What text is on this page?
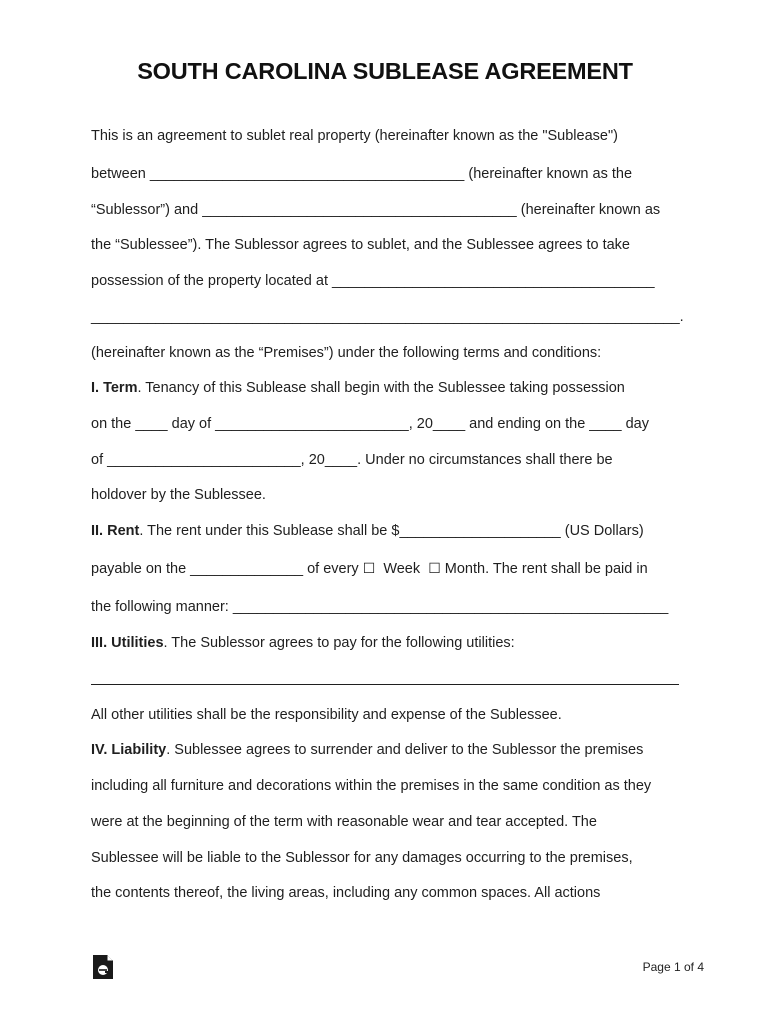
SOUTH CAROLINA SUBLEASE AGREEMENT
This is an agreement to sublet real property (hereinafter known as the "Sublease")
between _______________________________________ (hereinafter known as the
“Sublessor”) and _______________________________________ (hereinafter known as
the “Sublessee”). The Sublessor agrees to sublet, and the Sublessee agrees to take
possession of the property located at ________________________________________
_________________________________________________________________________.
(hereinafter known as the “Premises”) under the following terms and conditions:
I. Term. Tenancy of this Sublease shall begin with the Sublessee taking possession
on the ____ day of ________________________, 20____ and ending on the ____ day
of ________________________, 20____. Under no circumstances shall there be
holdover by the Sublessee.
II. Rent. The rent under this Sublease shall be $____________________ (US Dollars)
payable on the ______________ of every ☐  Week  ☐ Month. The rent shall be paid in
the following manner: ______________________________________________________
III. Utilities. The Sublessor agrees to pay for the following utilities:
All other utilities shall be the responsibility and expense of the Sublessee.
IV. Liability. Sublessee agrees to surrender and deliver to the Sublessor the premises
including all furniture and decorations within the premises in the same condition as they
were at the beginning of the term with reasonable wear and tear accepted. The
Sublessee will be liable to the Sublessor for any damages occurring to the premises,
the contents thereof, the living areas, including any common spaces. All actions
Page 1 of 4
